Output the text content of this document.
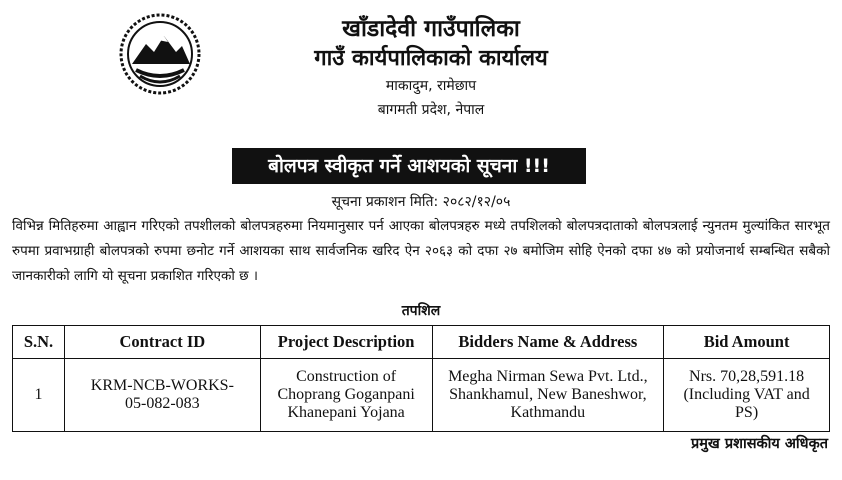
खाँडादेवी गाउँपालिका
गाउँ कार्यपालिकाको कार्यालय
माकादुम, रामेछाप
बागमती प्रदेश, नेपाल
बोलपत्र स्वीकृत गर्ने आशयको सूचना !!!
सूचना प्रकाशन मिति: २०८२/१२/०५
विभिन्न मितिहरुमा आह्वान गरिएको तपशीलको बोलपत्रहरुमा नियमानुसार पर्न आएका बोलपत्रहरु मध्ये तपशिलको बोलपत्रदाताको बोलपत्रलाई न्युनतम मुल्यांकित सारभूत रुपमा प्रवाभग्राही बोलपत्रको रुपमा छनोट गर्ने आशयका साथ सार्वजनिक खरिद ऐन २०६३ को दफा २७ बमोजिम सोहि ऐनको दफा ४७ को प्रयोजनार्थ सम्बन्धित सबैको जानकारीको लागि यो सूचना प्रकाशित गरिएको छ ।
तपशिल
S.N.	Contract ID	Project Description	Bidders Name & Address	Bid Amount
1	KRM-NCB-WORKS-05-082-083	Construction of Choprang Goganpani Khanepani Yojana	Megha Nirman Sewa Pvt. Ltd., Shankhamul, New Baneshwor, Kathmandu	Nrs. 70,28,591.18 (Including VAT and PS)
प्रमुख प्रशासकीय अधिकृत
